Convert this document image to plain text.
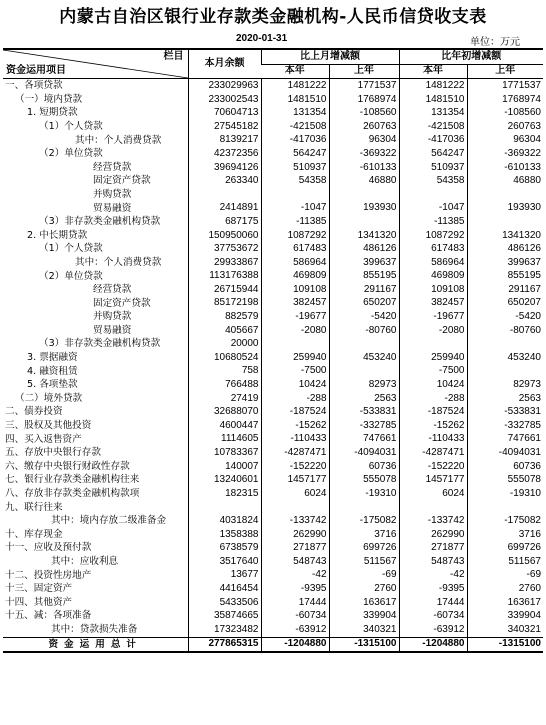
内蒙古自治区银行业存款类金融机构-人民币信贷收支表
2020-01-31	单位：万元
栏目
资金运用项目	本月余额	比上月增减额		比年初增减额	
		本年	上年	本年	上年
一、各项贷款	233029963	1481222	1771537	1481222	1771537
（一）境内贷款	233002543	1481510	1768974	1481510	1768974
1. 短期贷款	70604713	131354	-108560	131354	-108560
（1）个人贷款	27545182	-421508	260763	-421508	260763
其中：个人消费贷款	8139217	-417036	96304	-417036	96304
（2）单位贷款	42372356	564247	-369322	564247	-369322
经营贷款	39694126	510937	-610133	510937	-610133
固定资产贷款	263340	54358	46880	54358	46880
并购贷款					
贸易融资	2414891	-1047	193930	-1047	193930
（3）非存款类金融机构贷款	687175	-11385		-11385	
2. 中长期贷款	150950060	1087292	1341320	1087292	1341320
（1）个人贷款	37753672	617483	486126	617483	486126
其中：个人消费贷款	29933867	586964	399637	586964	399637
（2）单位贷款	113176388	469809	855195	469809	855195
经营贷款	26715944	109108	291167	109108	291167
固定资产贷款	85172198	382457	650207	382457	650207
并购贷款	882579	-19677	-5420	-19677	-5420
贸易融资	405667	-2080	-80760	-2080	-80760
（3）非存款类金融机构贷款	20000				
3. 票据融资	10680524	259940	453240	259940	453240
4. 融资租赁	758	-7500		-7500	
5. 各项垫款	766488	10424	82973	10424	82973
（二）境外贷款	27419	-288	2563	-288	2563
二、债券投资	32688070	-187524	-533831	-187524	-533831
三、股权及其他投资	4600447	-15262	-332785	-15262	-332785
四、买入返售资产	1114605	-110433	747661	-110433	747661
五、存放中央银行存款	10783367	-4287471	-4094031	-4287471	-4094031
六、缴存中央银行财政性存款	140007	-152220	60736	-152220	60736
七、银行业存款类金融机构往来	13240601	1457177	555078	1457177	555078
八、存放非存款类金融机构款项	182315	6024	-19310	6024	-19310
九、联行往来					
其中：境内存放二级准备金	4031824	-133742	-175082	-133742	-175082
十、库存现金	1358388	262990	3716	262990	3716
十一、应收及预付款	6738579	271877	699726	271877	699726
其中：应收利息	3517640	548743	511567	548743	511567
十二、投资性房地产	13677	-42	-69	-42	-69
十三、固定资产	4416454	-9395	2760	-9395	2760
十四、其他资产	5433506	17444	163617	17444	163617
十五、减：各项准备	35874665	-60734	339904	-60734	339904
其中：贷款损失准备	17323482	-63912	340321	-63912	340321
资金运用总计	277865315	-1204880	-1315100	-1204880	-1315100
